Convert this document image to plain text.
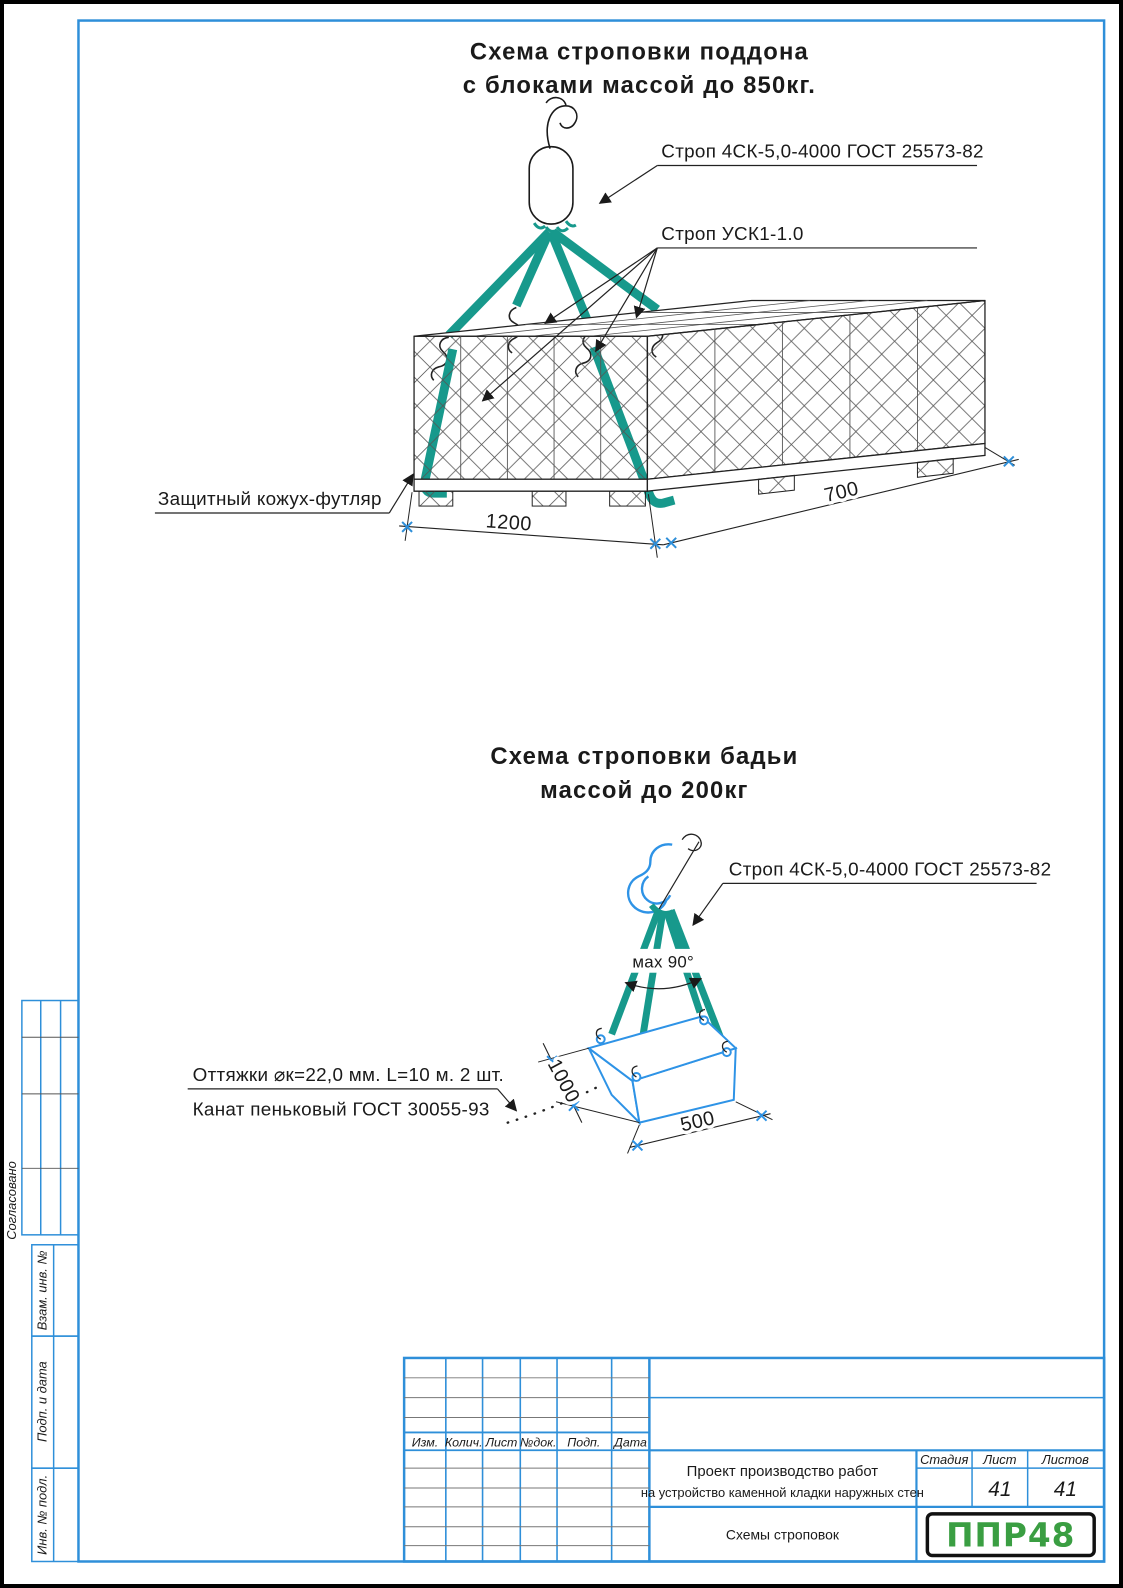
Схема строповки поддона
с блоками массой до 850кг.
Строп 4СК-5,0-4000 ГОСТ 25573-82
Строп УСК1-1.0
Защитный кожух-футляр
1200
700
Схема строповки бадьи
массой до 200кг
мах 90°
1000
500
Строп 4СК-5,0-4000 ГОСТ 25573-82
Оттяжки ⌀к=22,0 мм. L=10 м. 2 шт.
Канат пеньковый ГОСТ 30055-93
Согласовано
Взам. инв. №
Подп. и дата
Инв. № подл.
Изм. Колич. Лист №док. Подп. Дата
Проект производство работ
на устройство каменной кладки наружных стен
Стадия Лист Листов
41 41
Схемы строповок	ППР48
